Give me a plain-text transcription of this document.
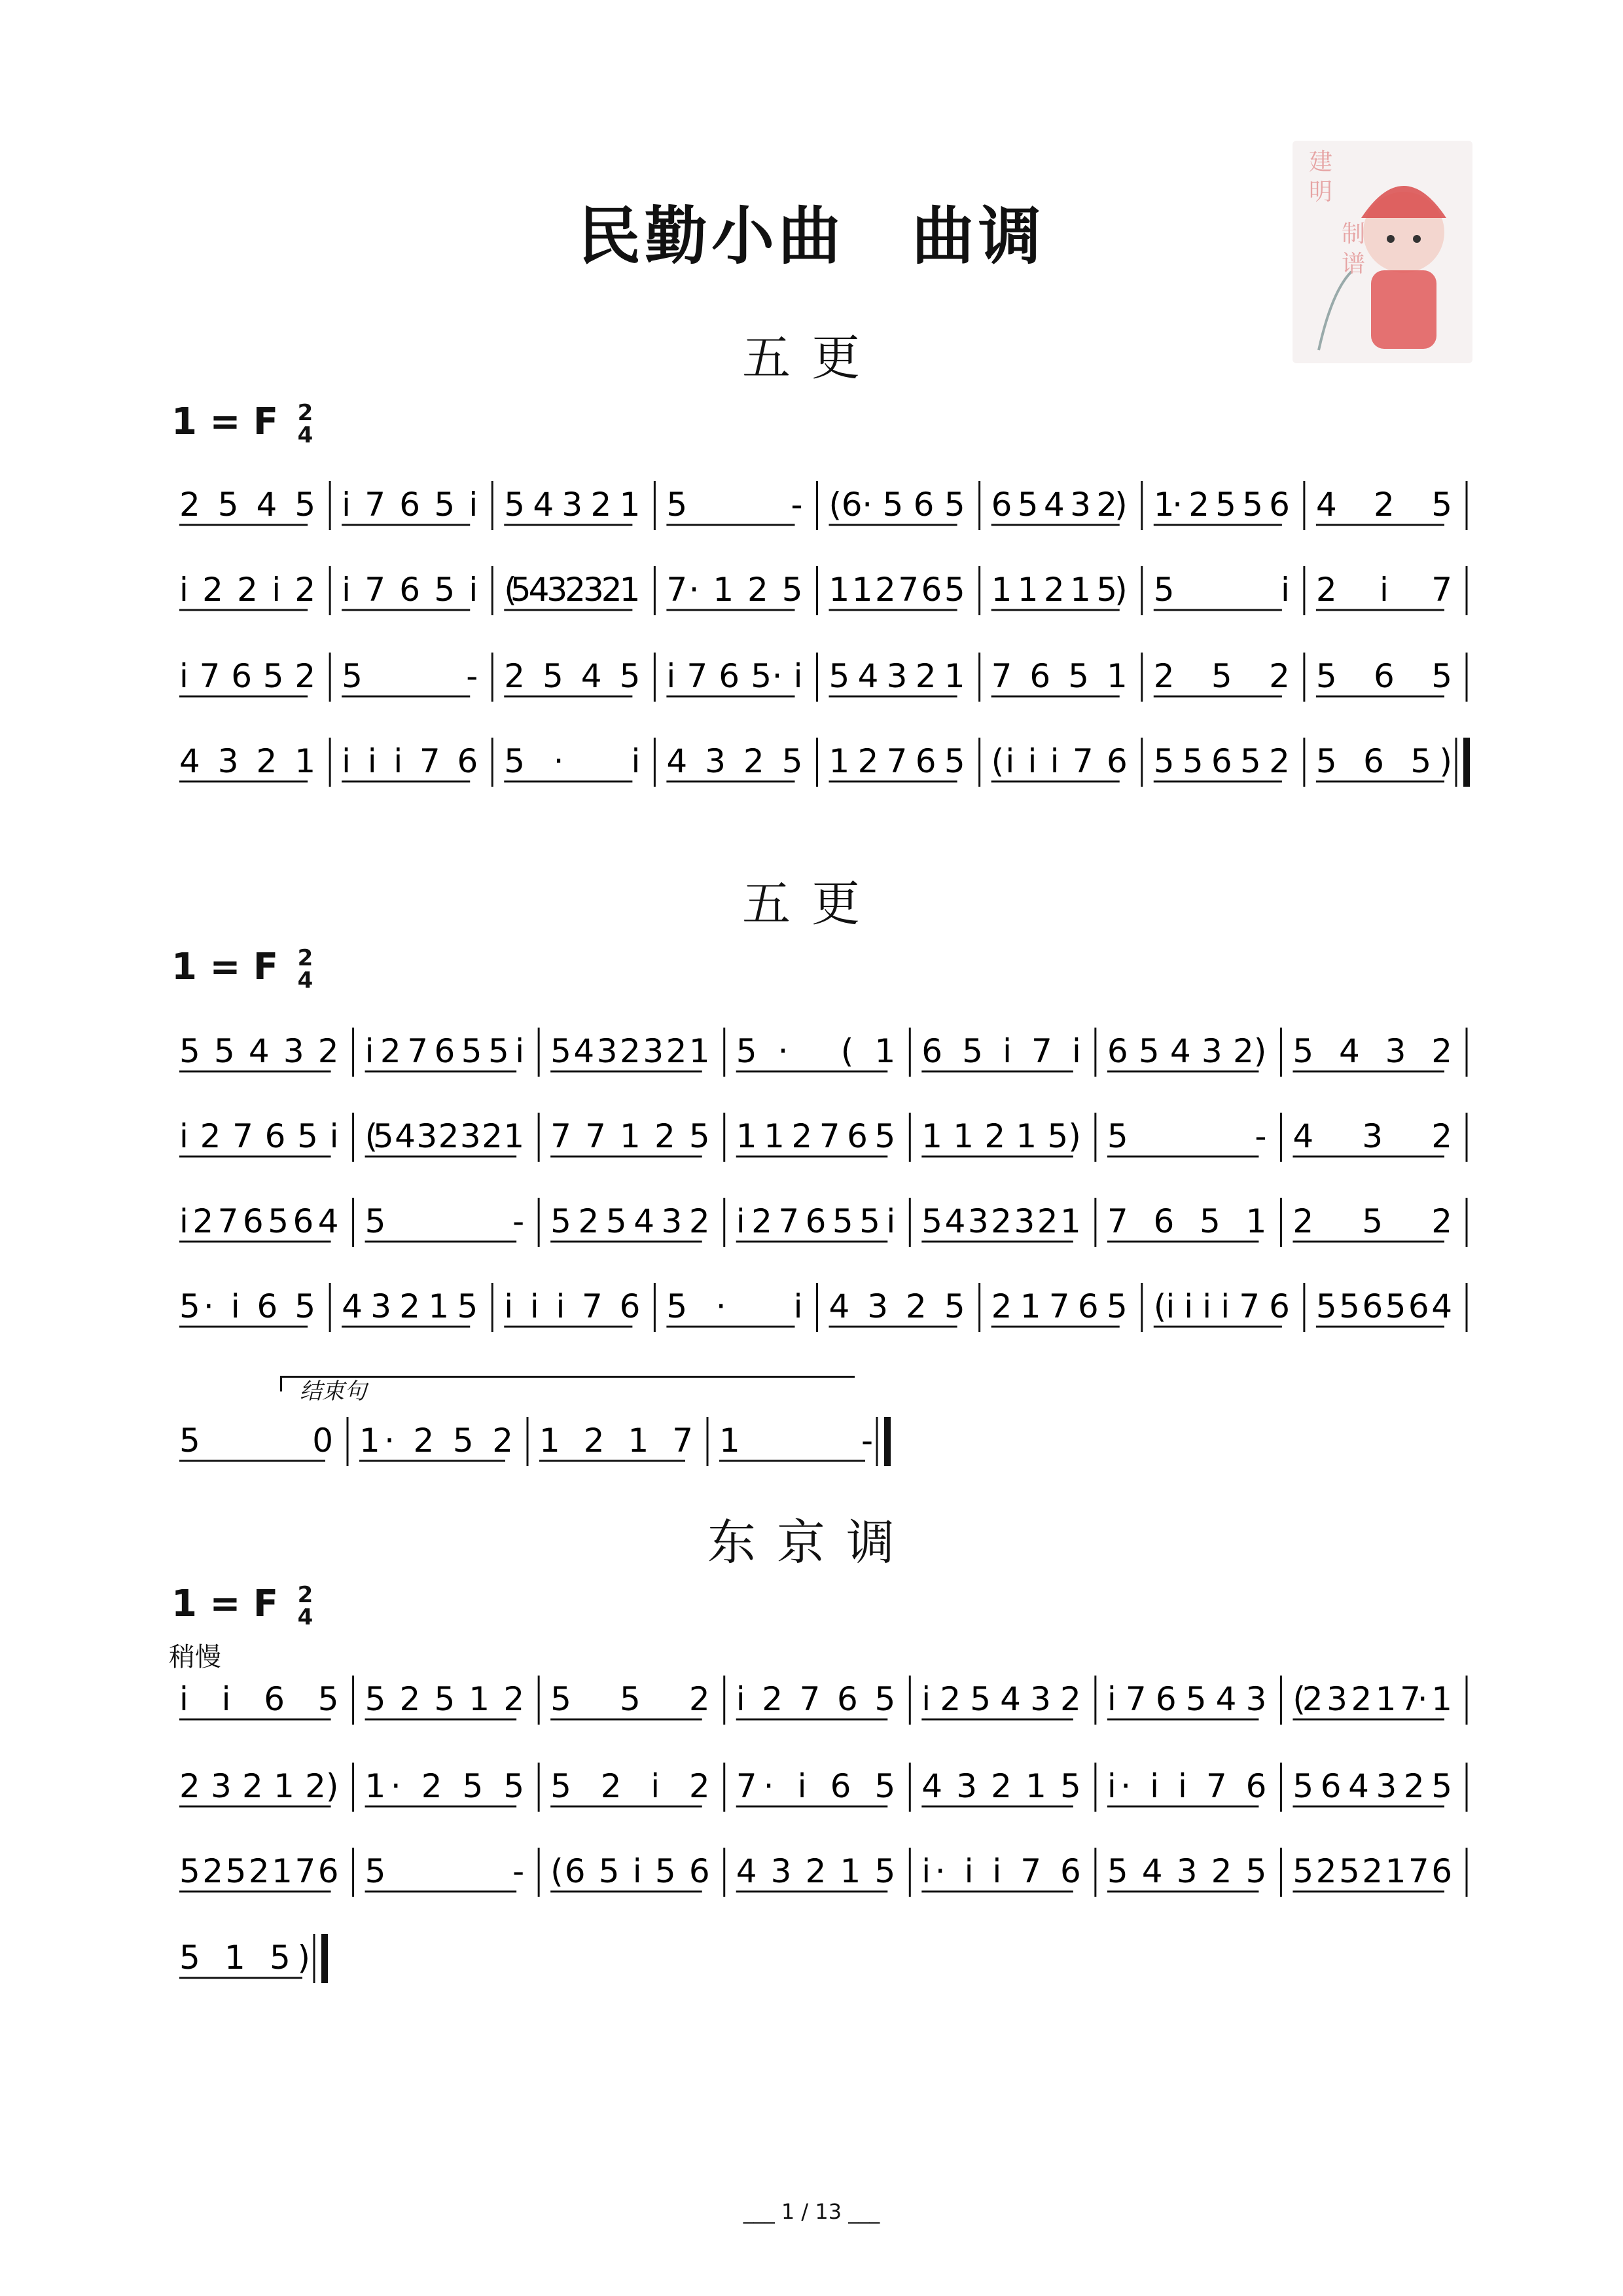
民勤小曲　曲调
建明
制谱
五更
1 = F 2
4
2 5 4 5 i 7 6 5 i 5 4 3 2 1 5 - (6· 5 6 5 6 5 4 3 2) 1· 2 5 5 6 4 2 5
i 2 2 i 2 i 7 6 5 i (5 4 3 2 3 2 1 7· 1 2 5 1 1 2 7 6 5 1 1 2 1 5) 5 i 2 i 7
i 7 6 5 2 5 - 2 5 4 5 i 7 6 5· i 5 4 3 2 1 7 6 5 1 2 5 2 5 6 5
4 3 2 1 i i i 7 6 5· i 4 3 2 5 1 2 7 6 5 (i i i 7 6 5 5 6 5 2 5 6 5)
五更
1 = F 2
4
5 5 4 3 2 i 2 7 6 5 5 i 5 4 3 2 3 2 1 5· (1 6 5 i 7 i 6 5 4 3 2) 5 4 3 2
i 2 7 6 5 i (5 4 3 2 3 2 1 7 7 1 2 5 1 1 2 7 6 5 1 1 2 1 5) 5 - 4 3 2
i 2 7 6 5 6 4 5 - 5 2 5 4 3 2 i 2 7 6 5 5 i 5 4 3 2 3 2 1 7 6 5 1 2 5 2
5· i 6 5 4 3 2 1 5 i i i 7 6 5· i 4 3 2 5 2 1 7 6 5 (i i i i 7 6 5 5 6 5 6 4
结束句
5 0 1· 2 5 2 1 2 1 7 1 -
东京调
1 = F 2
4
稍慢
i i 6 5 5 2 5 1 2 5 5 2 i 2 7 6 5 i 2 5 4 3 2 i 7 6 5 4 3 (2 3 2 1 7· 1
2 3 2 1 2) 1· 2 5 5 5 2 i 2 7· i 6 5 4 3 2 1 5 i· i i 7 6 5 6 4 3 2 5
5 2 5 2 1 7 6 5 - (6 5 i 5 6 4 3 2 1 5 i· i i 7 6 5 4 3 2 5 5 2 5 2 1 7 6
5 1 5)
___ 1 / 13 ___
